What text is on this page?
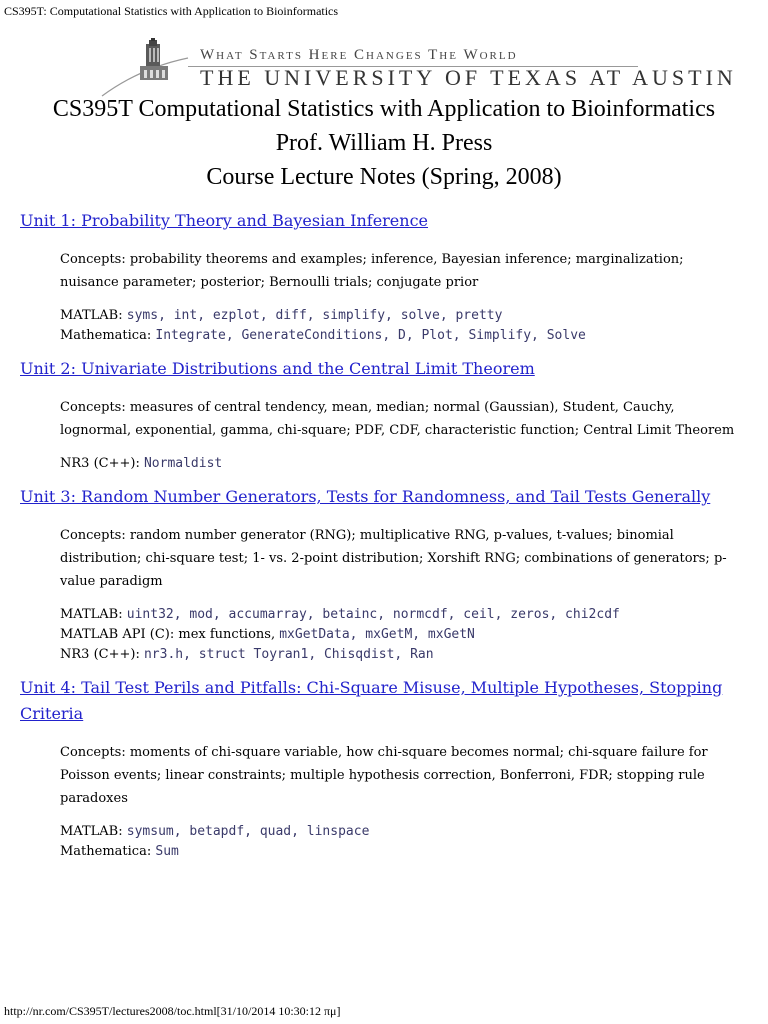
CS395T: Computational Statistics with Application to Bioinformatics
What Starts Here Changes The World
THE UNIVERSITY OF TEXAS AT AUSTIN
CS395T Computational Statistics with Application to Bioinformatics
Prof. William H. Press
Course Lecture Notes (Spring, 2008)
Unit 1: Probability Theory and Bayesian Inference
Concepts: probability theorems and examples; inference, Bayesian inference; marginalization; nuisance parameter; posterior; Bernoulli trials; conjugate prior
MATLAB: syms, int, ezplot, diff, simplify, solve, pretty
Mathematica: Integrate, GenerateConditions, D, Plot, Simplify, Solve
Unit 2: Univariate Distributions and the Central Limit Theorem
Concepts: measures of central tendency, mean, median; normal (Gaussian), Student, Cauchy, lognormal, exponential, gamma, chi-square; PDF, CDF, characteristic function; Central Limit Theorem
NR3 (C++): Normaldist
Unit 3: Random Number Generators, Tests for Randomness, and Tail Tests Generally
Concepts: random number generator (RNG); multiplicative RNG, p-values, t-values; binomial distribution; chi-square test; 1- vs. 2-point distribution; Xorshift RNG; combinations of generators; p-value paradigm
MATLAB: uint32, mod, accumarray, betainc, normcdf, ceil, zeros, chi2cdf
MATLAB API (C): mex functions, mxGetData, mxGetM, mxGetN
NR3 (C++): nr3.h, struct Toyran1, Chisqdist, Ran
Unit 4: Tail Test Perils and Pitfalls: Chi-Square Misuse, Multiple Hypotheses, Stopping Criteria
Concepts: moments of chi-square variable, how chi-square becomes normal; chi-square failure for Poisson events; linear constraints; multiple hypothesis correction, Bonferroni, FDR; stopping rule paradoxes
MATLAB: symsum, betapdf, quad, linspace
Mathematica: Sum
http://nr.com/CS395T/lectures2008/toc.html[31/10/2014 10:30:12 πμ]
